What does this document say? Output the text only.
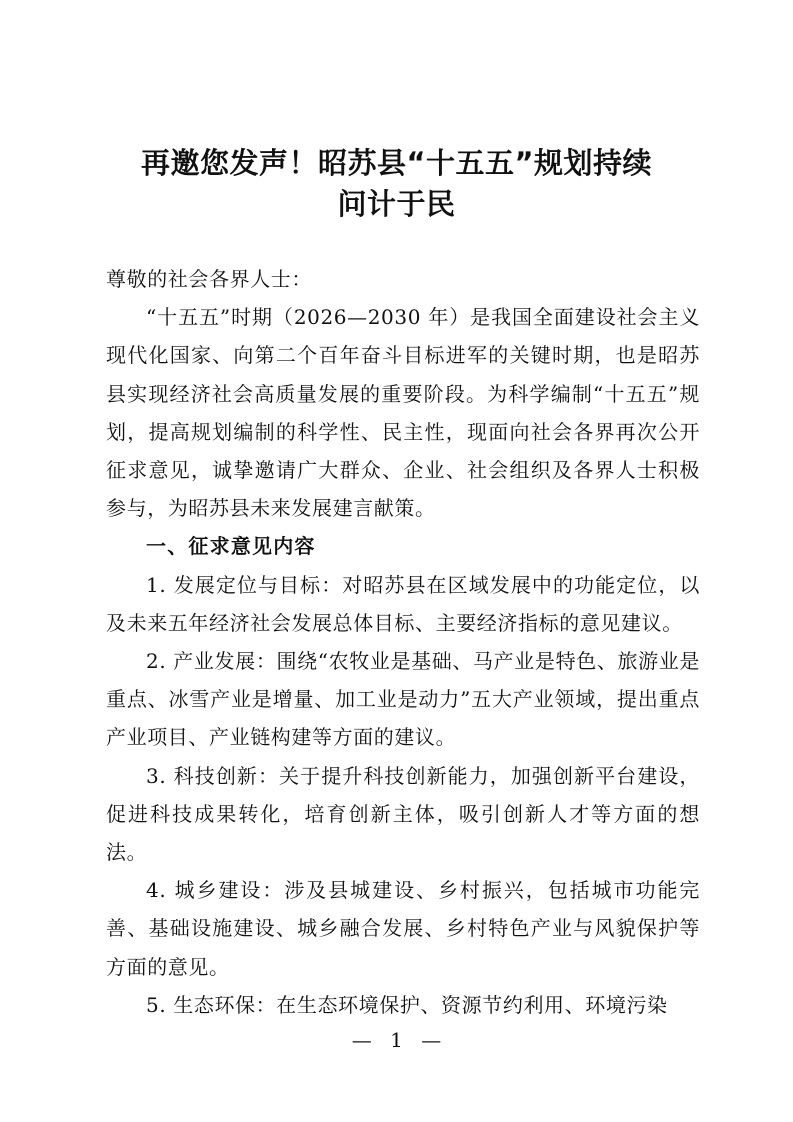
再邀您发声！昭苏县“十五五”规划持续
问计于民

尊敬的社会各界人士：

“十五五”时期（2026—2030 年）是我国全面建设社会主义现代化国家、向第二个百年奋斗目标进军的关键时期，也是昭苏县实现经济社会高质量发展的重要阶段。为科学编制“十五五”规划，提高规划编制的科学性、民主性，现面向社会各界再次公开征求意见，诚挚邀请广大群众、企业、社会组织及各界人士积极参与，为昭苏县未来发展建言献策。

一、征求意见内容

1. 发展定位与目标：对昭苏县在区域发展中的功能定位，以及未来五年经济社会发展总体目标、主要经济指标的意见建议。

2. 产业发展：围绕“农牧业是基础、马产业是特色、旅游业是重点、冰雪产业是增量、加工业是动力”五大产业领域，提出重点产业项目、产业链构建等方面的建议。

3. 科技创新：关于提升科技创新能力，加强创新平台建设，促进科技成果转化，培育创新主体，吸引创新人才等方面的想法。

4. 城乡建设：涉及县城建设、乡村振兴，包括城市功能完善、基础设施建设、城乡融合发展、乡村特色产业与风貌保护等方面的意见。

5. 生态环保：在生态环境保护、资源节约利用、环境污染

— 1 —
